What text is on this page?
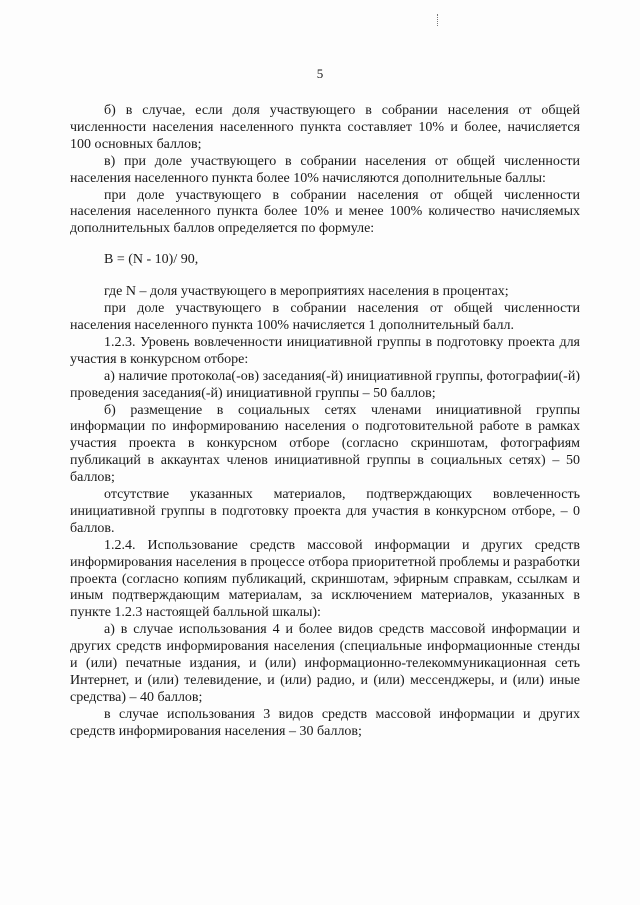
5

б) в случае, если доля участвующего в собрании населения от общей численности населения населенного пункта составляет 10% и более, начисляется 100 основных баллов;

в) при доле участвующего в собрании населения от общей численности населения населенного пункта более 10% начисляются дополнительные баллы:

при доле участвующего в собрании населения от общей численности населения населенного пункта более 10% и менее 100% количество начисляемых дополнительных баллов определяется по формуле:

B = (N - 10)/ 90,

где N – доля участвующего в мероприятиях населения в процентах;

при доле участвующего в собрании населения от общей численности населения населенного пункта 100% начисляется 1 дополнительный балл.

1.2.3. Уровень вовлеченности инициативной группы в подготовку проекта для участия в конкурсном отборе:

а) наличие протокола(-ов) заседания(-й) инициативной группы, фотографии(-й) проведения заседания(-й) инициативной группы – 50 баллов;

б) размещение в социальных сетях членами инициативной группы информации по информированию населения о подготовительной работе в рамках участия проекта в конкурсном отборе (согласно скриншотам, фотографиям публикаций в аккаунтах членов инициативной группы в социальных сетях) – 50 баллов;

отсутствие указанных материалов, подтверждающих вовлеченность инициативной группы в подготовку проекта для участия в конкурсном отборе, – 0 баллов.

1.2.4. Использование средств массовой информации и других средств информирования населения в процессе отбора приоритетной проблемы и разработки проекта (согласно копиям публикаций, скриншотам, эфирным справкам, ссылкам и иным подтверждающим материалам, за исключением материалов, указанных в пункте 1.2.3 настоящей балльной шкалы):

а) в случае использования 4 и более видов средств массовой информации и других средств информирования населения (специальные информационные стенды и (или) печатные издания, и (или) информационно-телекоммуникационная сеть Интернет, и (или) телевидение, и (или) радио, и (или) мессенджеры, и (или) иные средства) – 40 баллов;

в случае использования 3 видов средств массовой информации и других средств информирования населения – 30 баллов;
